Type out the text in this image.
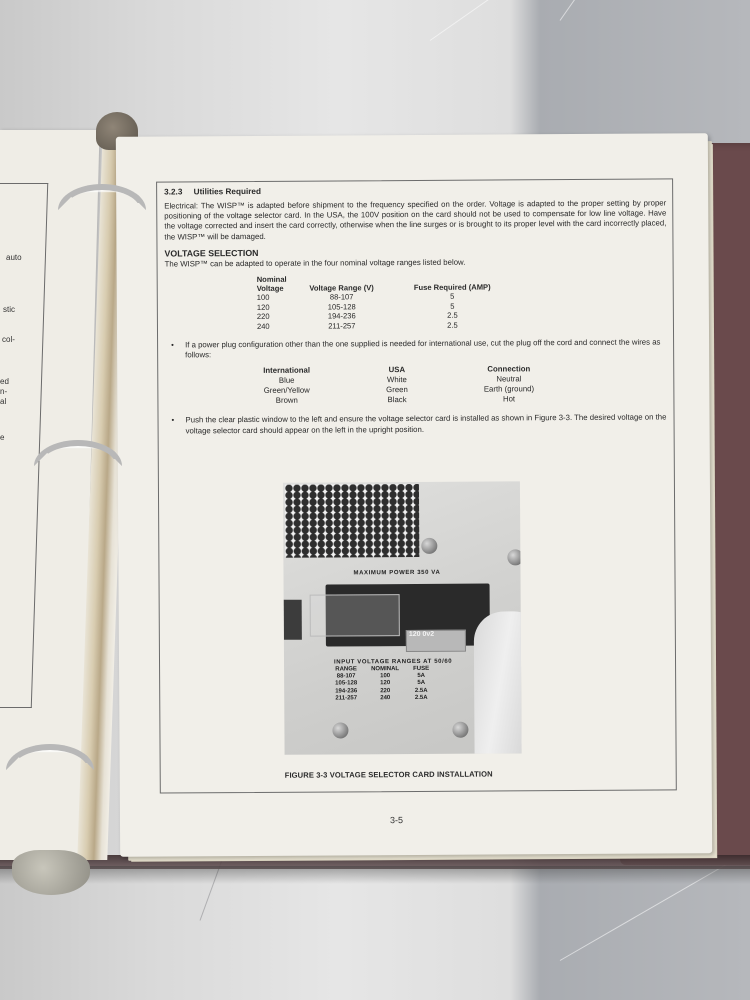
auto
stic
col-
ed
n-
al
e
3.2.3 Utilities Required

Electrical: The WISP™ is adapted before shipment to the frequency specified on the order. Voltage is adapted to the proper setting by proper positioning of the voltage selector card. In the USA, the 100V position on the card should not be used to compensate for low line voltage. Have the voltage corrected and insert the card correctly, otherwise when the line surges or is brought to its proper level with the card incorrectly placed, the WISP™ will be damaged.

VOLTAGE SELECTION

The WISP™ can be adapted to operate in the four nominal voltage ranges listed below.

Nominal Voltage	Voltage Range (V)	Fuse Required (AMP)
100	88-107	5
120	105-128	5
220	194-236	2.5
240	211-257	2.5
•	If a power plug configuration other than the one supplied is needed for international use, cut the plug off the cord and connect the wires as follows:
International	USA	Connection
Blue	White	Neutral
Green/Yellow	Green	Earth (ground)
Brown	Black	Hot
•	Push the clear plastic window to the left and ensure the voltage selector card is installed as shown in Figure 3-3. The desired voltage on the voltage selector card should appear on the left in the upright position.
MAXIMUM POWER 350 VA
120 0ν2
INPUT VOLTAGE RANGES AT 50/60
RANGE	NOMINAL	FUSE
88-107	100	5A
105-128	120	5A
194-236	220	2.5A
211-257	240	2.5A
FIGURE 3-3 VOLTAGE SELECTOR CARD INSTALLATION
3-5
